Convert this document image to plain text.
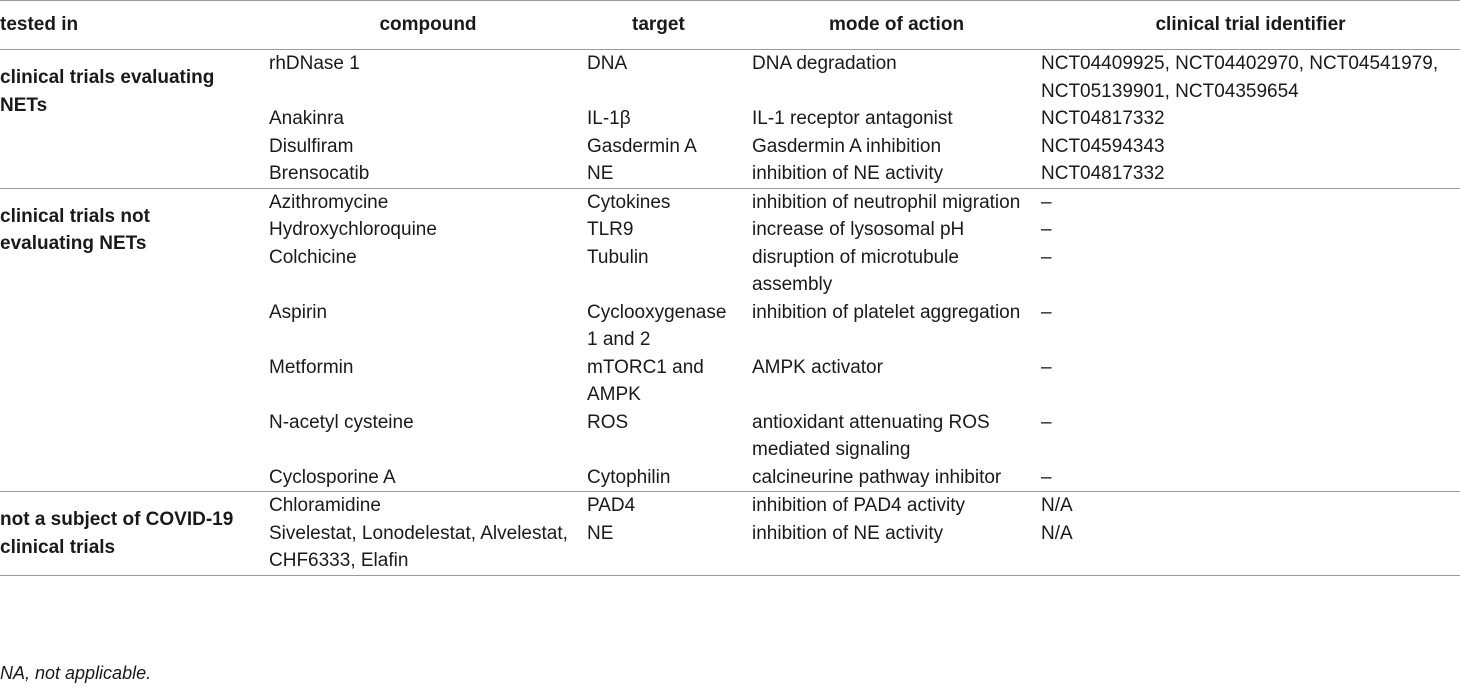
tested in	compound	target	mode of action	clinical trial identifier
clinical trials evaluating NETs	rhDNase 1	DNA	DNA degradation	NCT04409925, NCT04402970, NCT04541979, NCT05139901, NCT04359654
	Anakinra	IL-1β	IL-1 receptor antagonist	NCT04817332
	Disulfiram	Gasdermin A	Gasdermin A inhibition	NCT04594343
	Brensocatib	NE	inhibition of NE activity	NCT04817332
clinical trials not evaluating NETs	Azithromycine	Cytokines	inhibition of neutrophil migration	–
	Hydroxychloroquine	TLR9	increase of lysosomal pH	–
	Colchicine	Tubulin	disruption of microtubule assembly	–
	Aspirin	Cyclooxygenase 1 and 2	inhibition of platelet aggregation	–
	Metformin	mTORC1 and AMPK	AMPK activator	–
	N-acetyl cysteine	ROS	antioxidant attenuating ROS mediated signaling	–
	Cyclosporine A	Cytophilin	calcineurine pathway inhibitor	–
not a subject of COVID-19 clinical trials	Chloramidine	PAD4	inhibition of PAD4 activity	N/A
	Sivelestat, Lonodelestat, Alvelestat, CHF6333, Elafin	NE	inhibition of NE activity	N/A
NA, not applicable.
